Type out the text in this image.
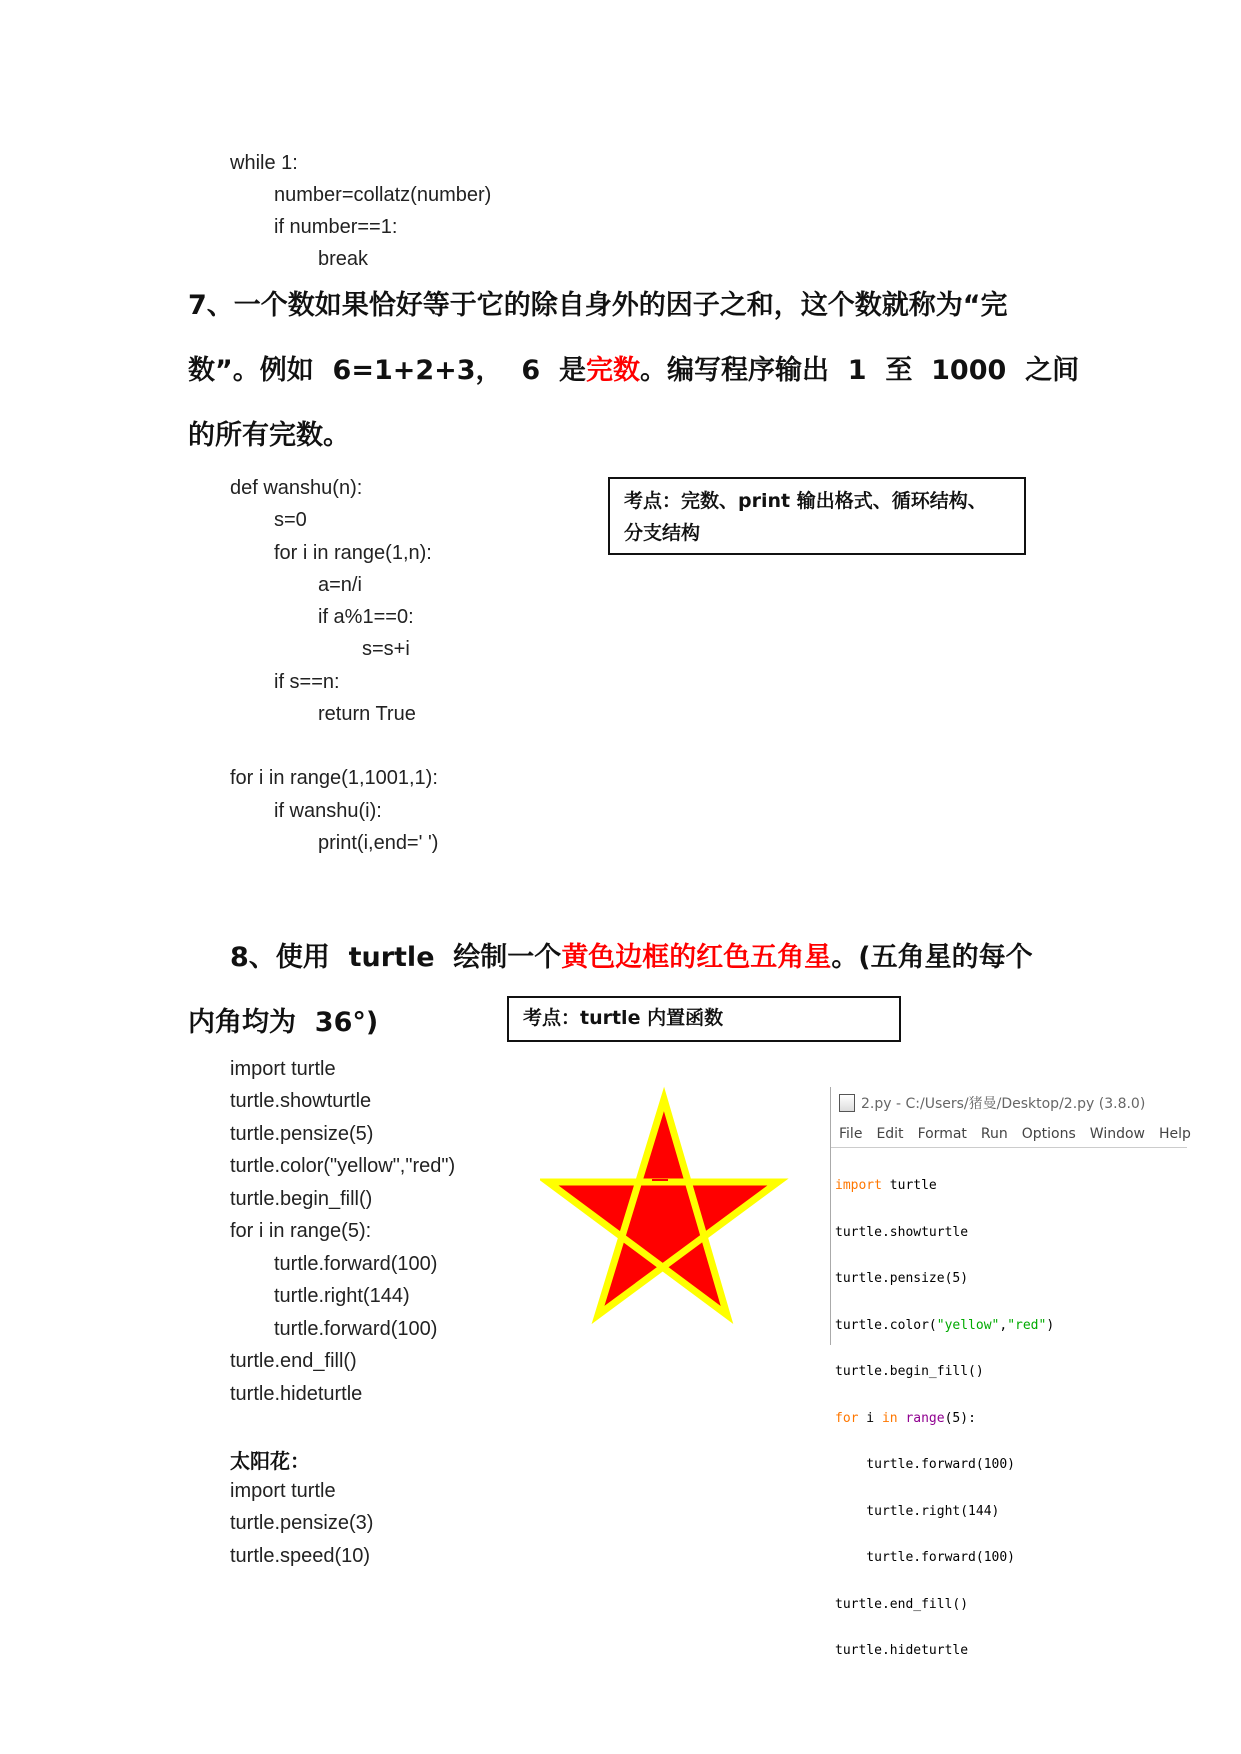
while 1:
number=collatz(number)
if number==1:
break
7、一个数如果恰好等于它的除自身外的因子之和，这个数就称为“完
数”。例如  6=1+2+3，  6  是完数。编写程序输出  1  至  1000  之间
的所有完数。
考点：完数、print 输出格式、循环结构、
分支结构
def wanshu(n):
s=0
for i in range(1,n):
a=n/i
if a%1==0:
s=s+i
if s==n:
return True
for i in range(1,1001,1):
if wanshu(i):
print(i,end=' ')
8、使用  turtle  绘制一个黄色边框的红色五角星。(五角星的每个
内角均为  36°)	考点：turtle 内置函数
import turtle
turtle.showturtle
turtle.pensize(5)
turtle.color("yellow","red")
turtle.begin_fill()
for i in range(5):
turtle.forward(100)
turtle.right(144)
turtle.forward(100)
turtle.end_fill()
turtle.hideturtle
2.py - C:/Users/猪曼/Desktop/2.py (3.8.0)
File Edit Format Run Options Window Help

import turtle

turtle.showturtle

turtle.pensize(5)

turtle.color("yellow","red")

turtle.begin_fill()

for i in range(5):

turtle.forward(100)

turtle.right(144)

turtle.forward(100)

turtle.end_fill()

turtle.hideturtle

太阳花：
import turtle
turtle.pensize(3)
turtle.speed(10)
